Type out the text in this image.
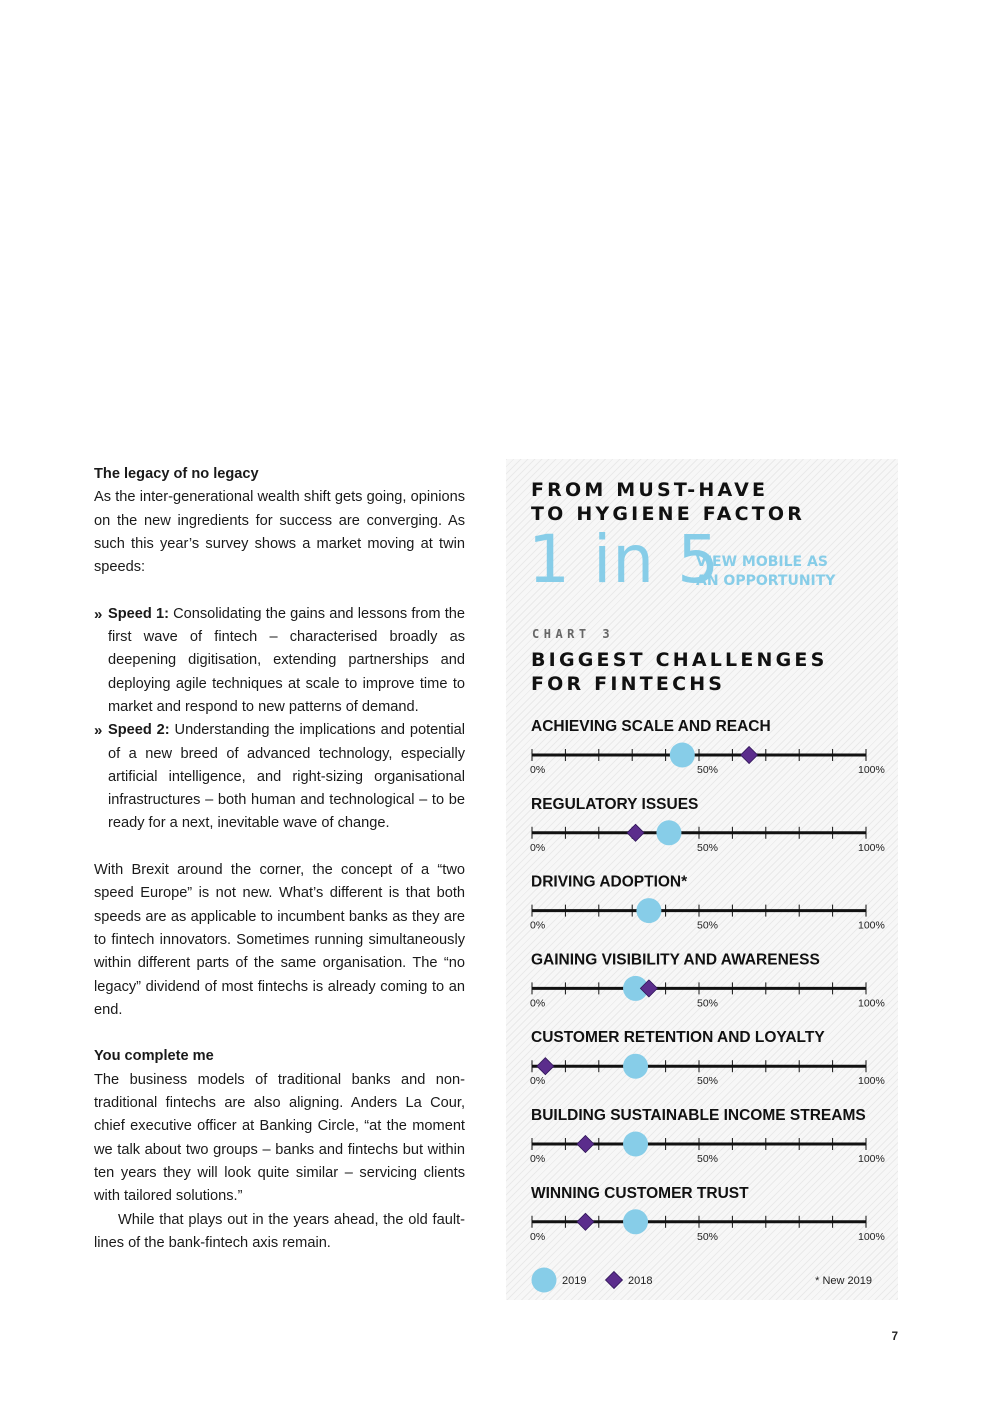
The legacy of no legacy

As the inter-generational wealth shift gets going, opinions on the new ingredients for success are converging. As such this year’s survey shows a market moving at twin speeds:

» Speed 1: Consolidating the gains and lessons from the first wave of fintech – characterised broadly as deepening digitisation, extending partnerships and deploying agile techniques at scale to improve time to market and respond to new patterns of demand.
» Speed 2: Understanding the implications and potential of a new breed of advanced technology, especially artificial intelligence, and right-sizing organisational infrastructures – both human and technological – to be ready for a next, inevitable wave of change.

With Brexit around the corner, the concept of a “two speed Europe” is not new. What’s different is that both speeds are as applicable to incumbent banks as they are to fintech innovators. Sometimes running simultaneously within different parts of the same organisation. The “no legacy” dividend of most fintechs is already coming to an end.

You complete me

The business models of traditional banks and non-traditional fintechs are also aligning. Anders La Cour, chief executive officer at Banking Circle, “at the moment we talk about two groups – banks and fintechs but within ten years they will look quite similar – servicing clients with tailored solutions.”

While that plays out in the years ahead, the old fault-lines of the bank-fintech axis remain.

FROM MUST-HAVE
TO HYGIENE FACTOR
1 in 5
VIEW MOBILE AS
AN OPPORTUNITY
CHART 3
BIGGEST CHALLENGES
FOR FINTECHS
ACHIEVING SCALE AND REACH
0%	50%	100%
REGULATORY ISSUES
0%	50%	100%
DRIVING ADOPTION*
0%	50%	100%
GAINING VISIBILITY AND AWARENESS
0%	50%	100%
CUSTOMER RETENTION AND LOYALTY
0%	50%	100%
BUILDING SUSTAINABLE INCOME STREAMS
0%	50%	100%
WINNING CUSTOMER TRUST
0%	50%	100%
2019	2018	* New 2019
7
